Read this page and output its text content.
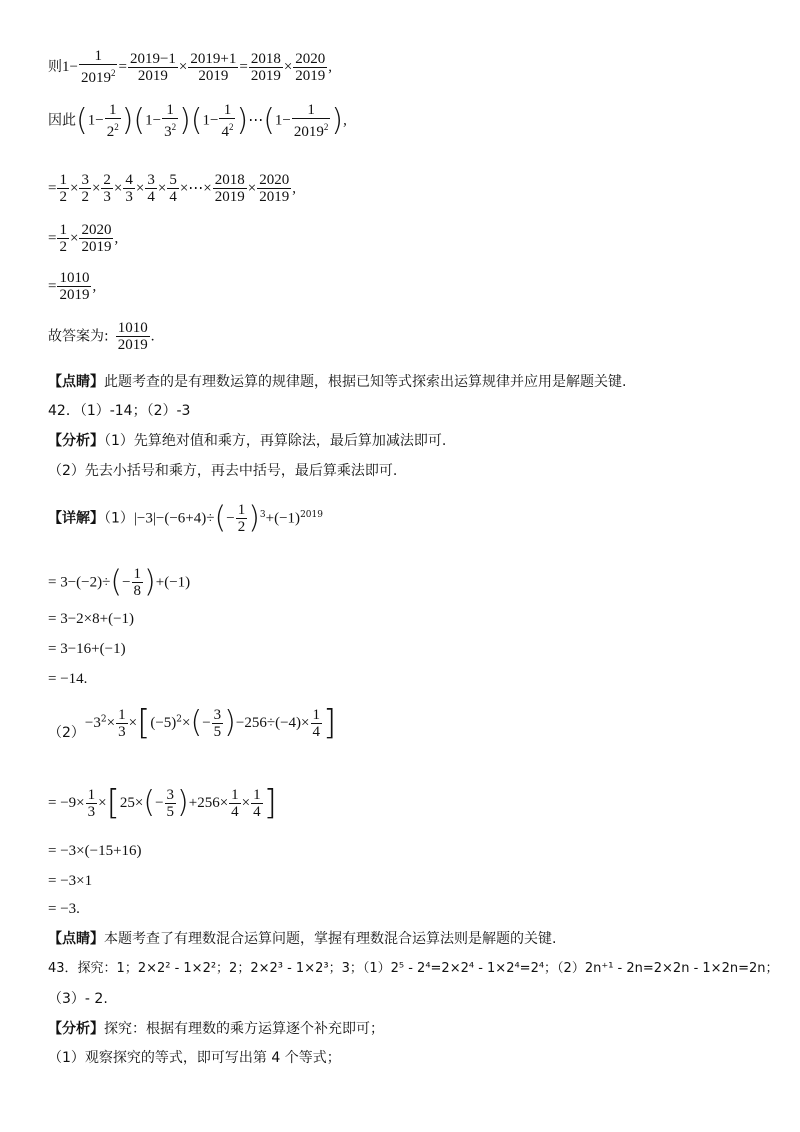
则$1- \frac{1}{2019^2} = \frac{2019-1}{2019} \times \frac{2019+1}{2019} = \frac{2018}{2019} \times \frac{2020}{2019}$ ,
因此$(1- \frac{1}{2^2} )(1- \frac{1}{3^2} )(1- \frac{1}{4^2}$ )⋯(1− $\frac{1}{2019^2}$ ),
= $\frac{1}{2} \times \frac{3}{2} \times \frac{2}{3} \times \frac{4}{3} \times \frac{3}{4} \times \frac{5}{4}$ ×⋯× $\frac{2018}{2019} \times \frac{2020}{2019}$ ,
= $\frac{1}{2} \times \frac{2020}{2019}$ ,
= $\frac{1010}{2019}$ ,
故答案为: $\frac{1010}{2019}$ .
【点睛】此题考查的是有理数运算的规律题，根据已知等式探索出运算规律并应用是解题关键.
42．（1）-14；（2）-3
【分析】（1）先算绝对值和乘方，再算除法，最后算加减法即可.
（2）先去小括号和乘方，再去中括号，最后算乘法即可.
【详解】$(1)|-3|-(-6+4)\div(- \frac{1}{2} )^3+(-1)^{2019}$
= $3-(-2)\div(- \frac{1}{8} )+(-1)$
= 3−2×8+(−1)
= 3−16+(−1)
= −14.
$(2)-3^2\times \frac{1}{3} \times[(-5)^2\times(- \frac{3}{5} )-256\div(-4)\times \frac{1}{4}$ ]
= $-9\times \frac{1}{3} \times[25\times(- \frac{3}{5} )+256\times \frac{1}{4} \times \frac{1}{4}$ ]
= −3×(−15+16)
= −3×1
= −3.
【点睛】本题考查了有理数混合运算问题，掌握有理数混合运算法则是解题的关键.
43．探究：1；2×2² - 1×2²；2；2×2³ - 1×2³；3；（1）2⁵ - 2⁴=2×2⁴ - 1×2⁴=2⁴；（2）2n⁺¹ - 2n=2×2n - 1×2n=2n；
（3）- 2.
【分析】探究：根据有理数的乘方运算逐个补充即可；
（1）观察探究的等式，即可写出第 4 个等式；
